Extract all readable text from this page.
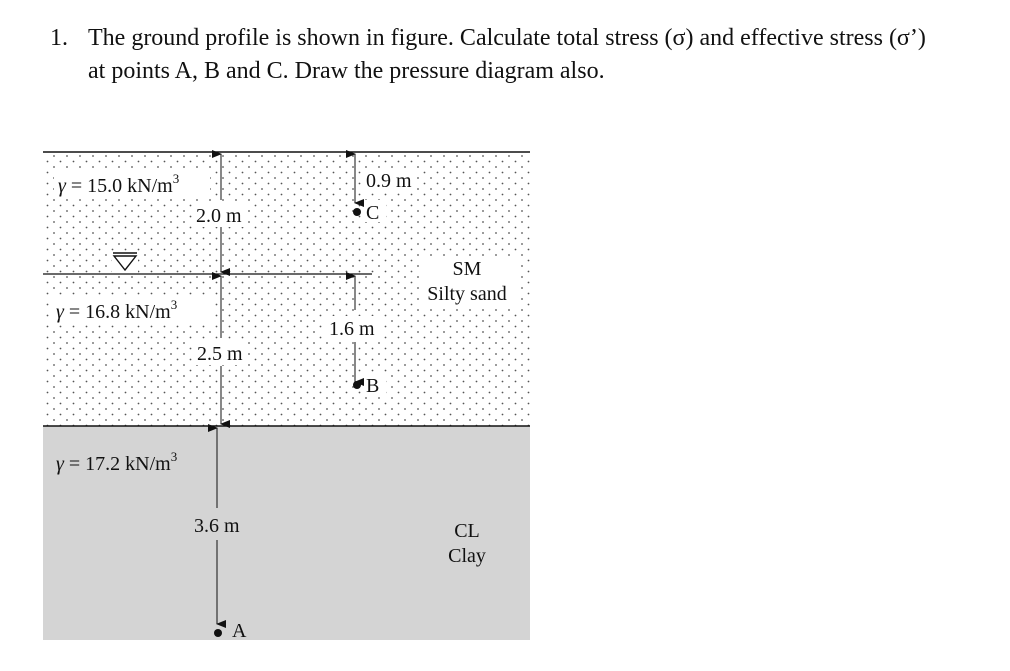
1. The ground profile is shown in figure. Calculate total stress (σ) and effective stress (σ’)
at points A, B and C. Draw the pressure diagram also.
γ = 15.0 $kN/m^3$
2.0 m
γ = 16.8 $kN/m^3$
2.5 m
γ = 17.2 $kN/m^3$
3.6 m
0.9 m
C
1.6 m
B
A
SM
Silty sand
CL
Clay
